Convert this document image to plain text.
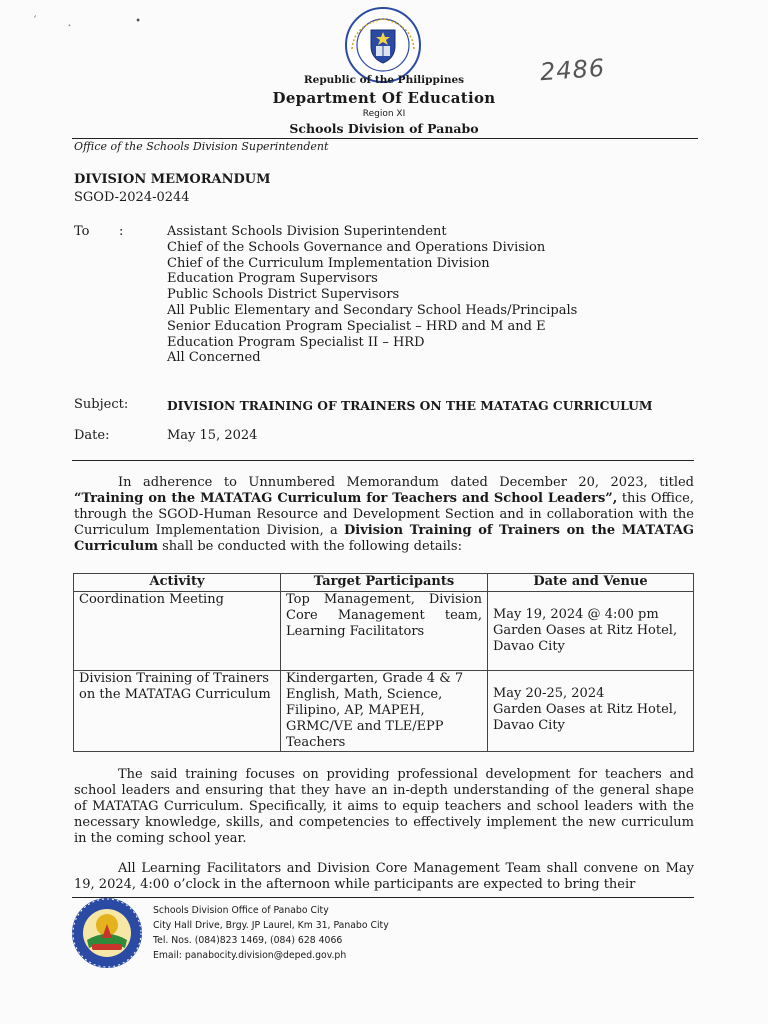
´˛ •
2486
Republic of the Philippines
Department Of Education
Region XI
Schools Division of Panabo
Office of the Schools Division Superintendent
DIVISION MEMORANDUM
SGOD-2024-0244
To :	Assistant Schools Division Superintendent
Chief of the Schools Governance and Operations Division
Chief of the Curriculum Implementation Division
Education Program Supervisors
Public Schools District Supervisors
All Public Elementary and Secondary School Heads/Principals
Senior Education Program Specialist – HRD and M and E
Education Program Specialist II – HRD
All Concerned
Subject:	DIVISION TRAINING OF TRAINERS ON THE MATATAG CURRICULUM
Date:	May 15, 2024

In adherence to Unnumbered Memorandum dated December 20, 2023, titled “Training on the MATATAG Curriculum for Teachers and School Leaders”, this Office, through the SGOD-Human Resource and Development Section and in collaboration with the Curriculum Implementation Division, a Division Training of Trainers on the MATATAG Curriculum shall be conducted with the following details:

Activity	Target Participants	Date and Venue
Coordination Meeting	Top Management, Division Core Management team, Learning Facilitators	May 19, 2024 @ 4:00 pm
Garden Oases at Ritz Hotel, Davao City
Division Training of Trainers on the MATATAG Curriculum	Kindergarten, Grade 4 & 7 English, Math, Science, Filipino, AP, MAPEH, GRMC/VE and TLE/EPP Teachers	May 20-25, 2024
Garden Oases at Ritz Hotel, Davao City

The said training focuses on providing professional development for teachers and school leaders and ensuring that they have an in-depth understanding of the general shape of MATATAG Curriculum. Specifically, it aims to equip teachers and school leaders with the necessary knowledge, skills, and competencies to effectively implement the new curriculum in the coming school year.

All Learning Facilitators and Division Core Management Team shall convene on May 19, 2024, 4:00 o’clock in the afternoon while participants are expected to bring their

Schools Division Office of Panabo City
City Hall Drive, Brgy. JP Laurel, Km 31, Panabo City
Tel. Nos. (084)823 1469, (084) 628 4066
Email: panabocity.division@deped.gov.ph
